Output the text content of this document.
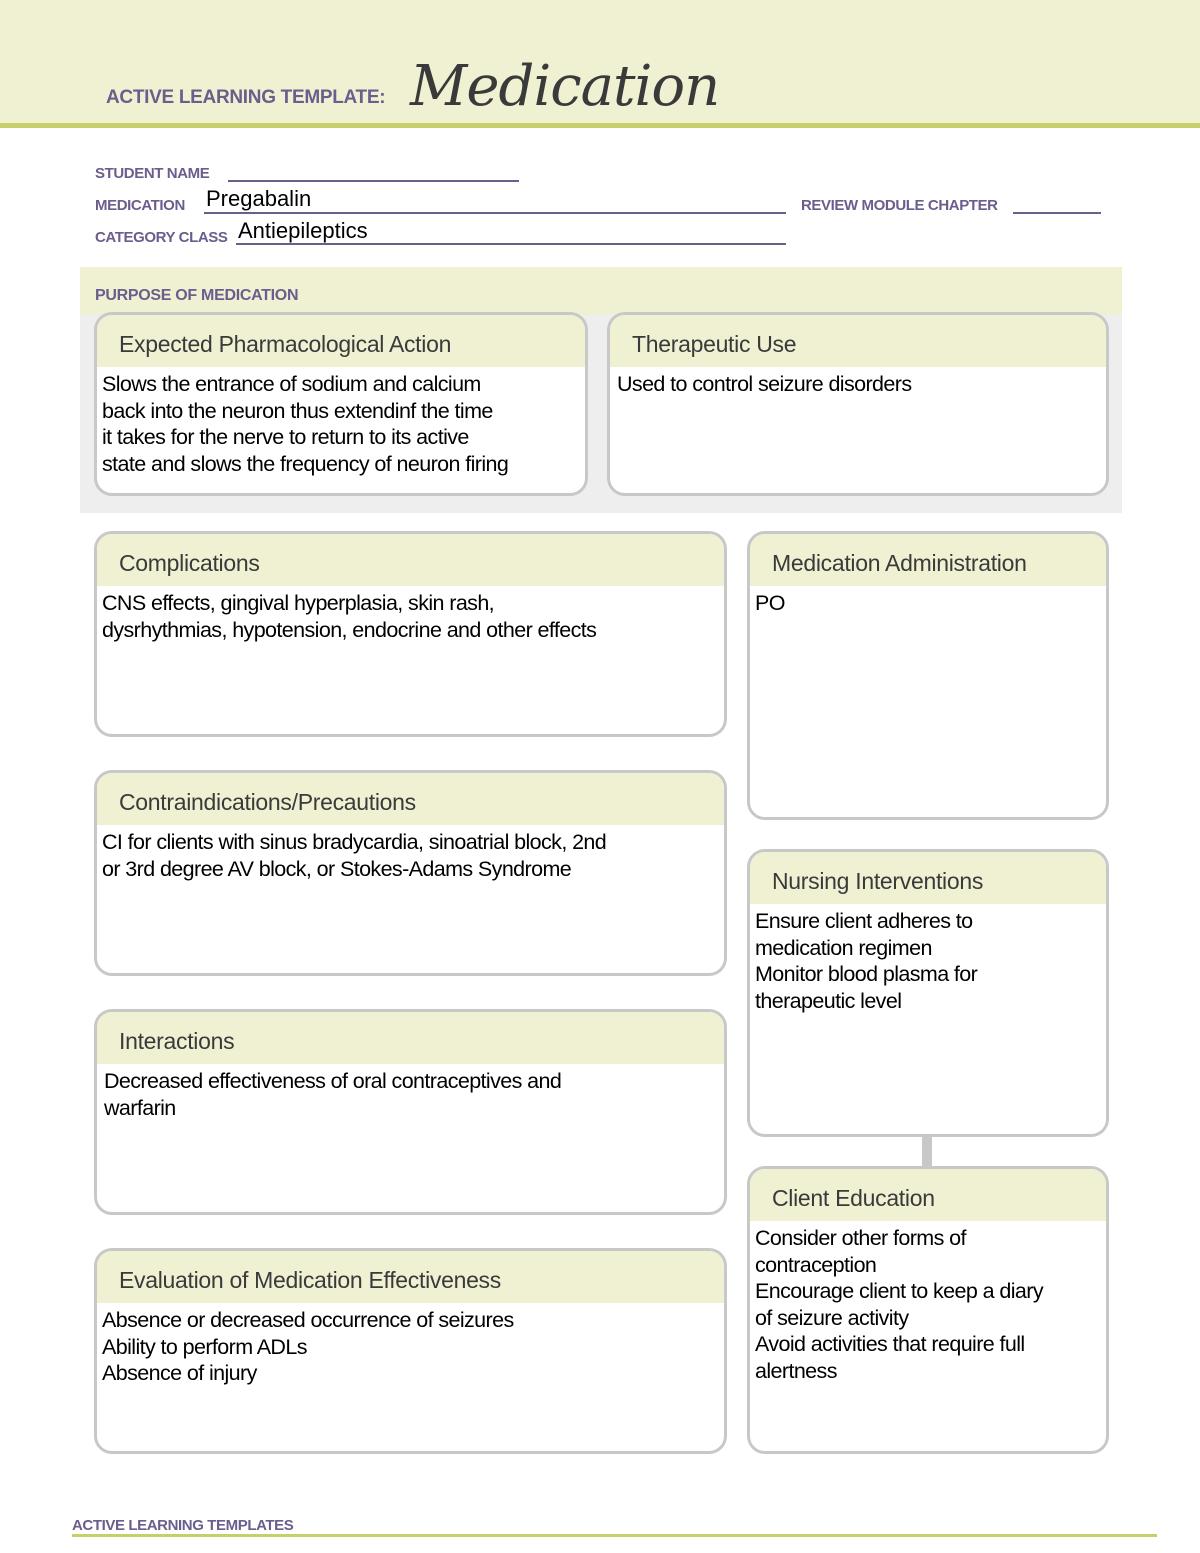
ACTIVE LEARNING TEMPLATE: Medication
STUDENT NAME
MEDICATION Pregabalin	REVIEW MODULE CHAPTER
CATEGORY CLASS Antiepileptics
PURPOSE OF MEDICATION
Expected Pharmacological Action
Slows the entrance of sodium and calcium
back into the neuron thus extendinf the time
it takes for the nerve to return to its active
state and slows the frequency of neuron firing
Therapeutic Use
Used to control seizure disorders
Complications
CNS effects, gingival hyperplasia, skin rash,
dysrhythmias, hypotension, endocrine and other effects
Medication Administration
PO
Contraindications/Precautions
CI for clients with sinus bradycardia, sinoatrial block, 2nd
or 3rd degree AV block, or Stokes-Adams Syndrome	Nursing Interventions
Ensure client adheres to
medication regimen
Monitor blood plasma for
therapeutic level
Interactions
Decreased effectiveness of oral contraceptives and
warfarin
Client Education
Consider other forms of
contraception
Encourage client to keep a diary
of seizure activity
Avoid activities that require full
alertness
Evaluation of Medication Effectiveness
Absence or decreased occurrence of seizures
Ability to perform ADLs
Absence of injury
ACTIVE LEARNING TEMPLATES
